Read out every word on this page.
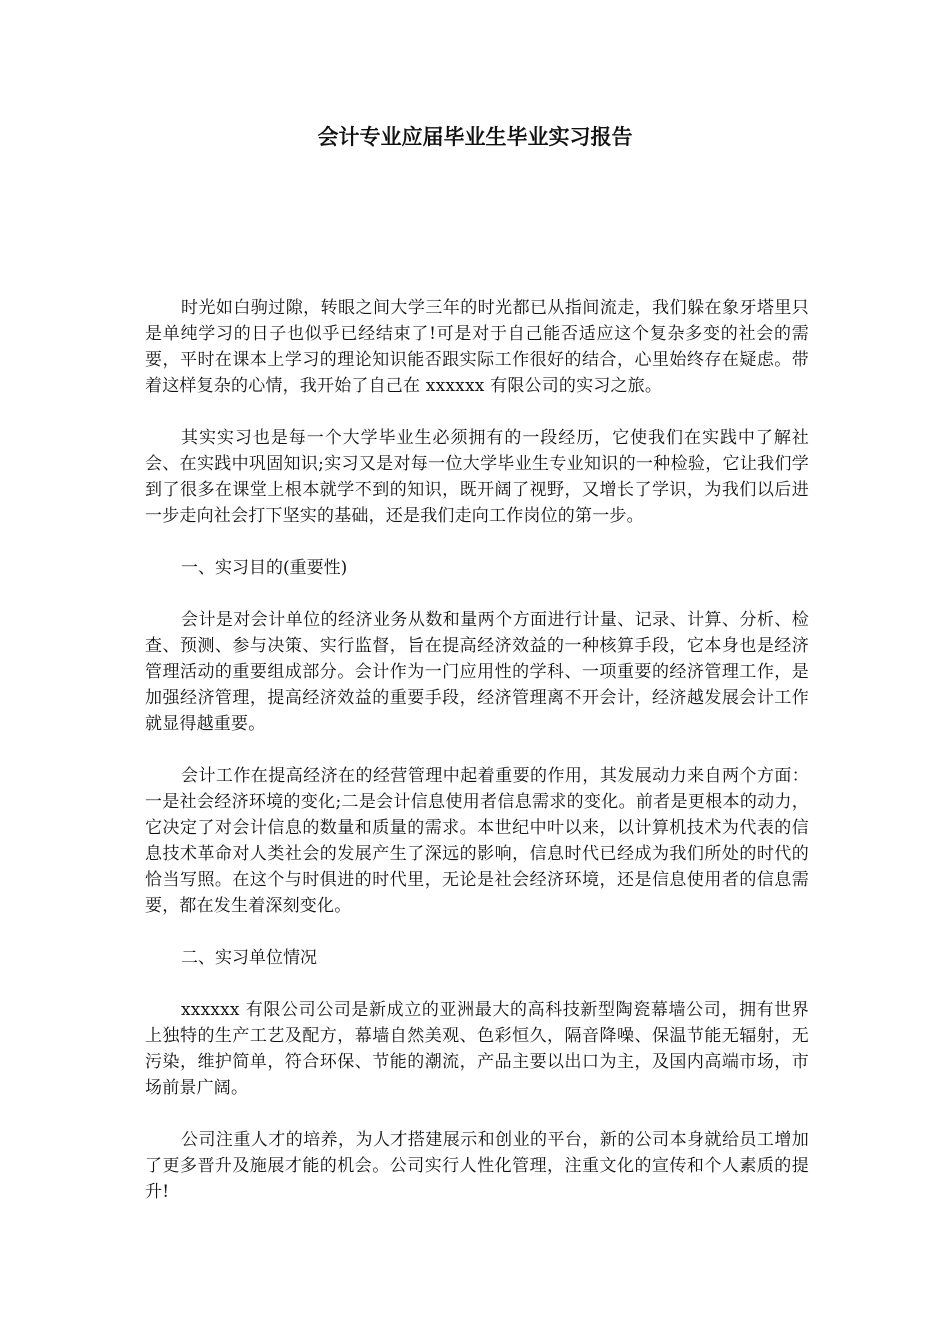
会计专业应届毕业生毕业实习报告

时光如白驹过隙，转眼之间大学三年的时光都已从指间流走，我们躲在象牙塔里只是单纯学习的日子也似乎已经结束了!可是对于自己能否适应这个复杂多变的社会的需要，平时在课本上学习的理论知识能否跟实际工作很好的结合，心里始终存在疑虑。带着这样复杂的心情，我开始了自己在 xxxxxx 有限公司的实习之旅。

其实实习也是每一个大学毕业生必须拥有的一段经历，它使我们在实践中了解社会、在实践中巩固知识;实习又是对每一位大学毕业生专业知识的一种检验，它让我们学到了很多在课堂上根本就学不到的知识，既开阔了视野，又增长了学识，为我们以后进一步走向社会打下坚实的基础，还是我们走向工作岗位的第一步。

一、实习目的(重要性)

会计是对会计单位的经济业务从数和量两个方面进行计量、记录、计算、分析、检查、预测、参与决策、实行监督，旨在提高经济效益的一种核算手段，它本身也是经济管理活动的重要组成部分。会计作为一门应用性的学科、一项重要的经济管理工作，是加强经济管理，提高经济效益的重要手段，经济管理离不开会计，经济越发展会计工作就显得越重要。

会计工作在提高经济在的经营管理中起着重要的作用，其发展动力来自两个方面：一是社会经济环境的变化;二是会计信息使用者信息需求的变化。前者是更根本的动力，它决定了对会计信息的数量和质量的需求。本世纪中叶以来，以计算机技术为代表的信息技术革命对人类社会的发展产生了深远的影响，信息时代已经成为我们所处的时代的恰当写照。在这个与时俱进的时代里，无论是社会经济环境，还是信息使用者的信息需要，都在发生着深刻变化。

二、实习单位情况

xxxxxx 有限公司公司是新成立的亚洲最大的高科技新型陶瓷幕墙公司，拥有世界上独特的生产工艺及配方，幕墙自然美观、色彩恒久，隔音降噪、保温节能无辐射，无污染，维护简单，符合环保、节能的潮流，产品主要以出口为主，及国内高端市场，市场前景广阔。

公司注重人才的培养，为人才搭建展示和创业的平台，新的公司本身就给员工增加了更多晋升及施展才能的机会。公司实行人性化管理，注重文化的宣传和个人素质的提升!
